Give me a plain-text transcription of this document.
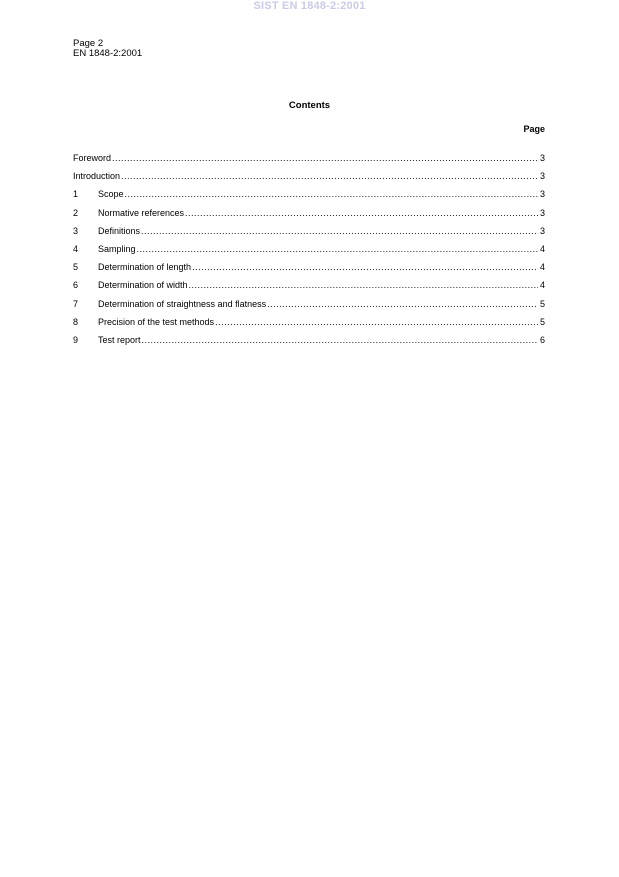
SIST EN 1848-2:2001
Page 2
EN 1848-2:2001
Contents
Page
Foreword .....	3
Introduction .....	3
1	Scope .....	3
2	Normative references .....	3
3	Definitions .....	3
4	Sampling .....	4
5	Determination of length .....	4
6	Determination of width .....	4
7	Determination of straightness and flatness .....	5
8	Precision of the test methods .....	5
9	Test report .....	6
